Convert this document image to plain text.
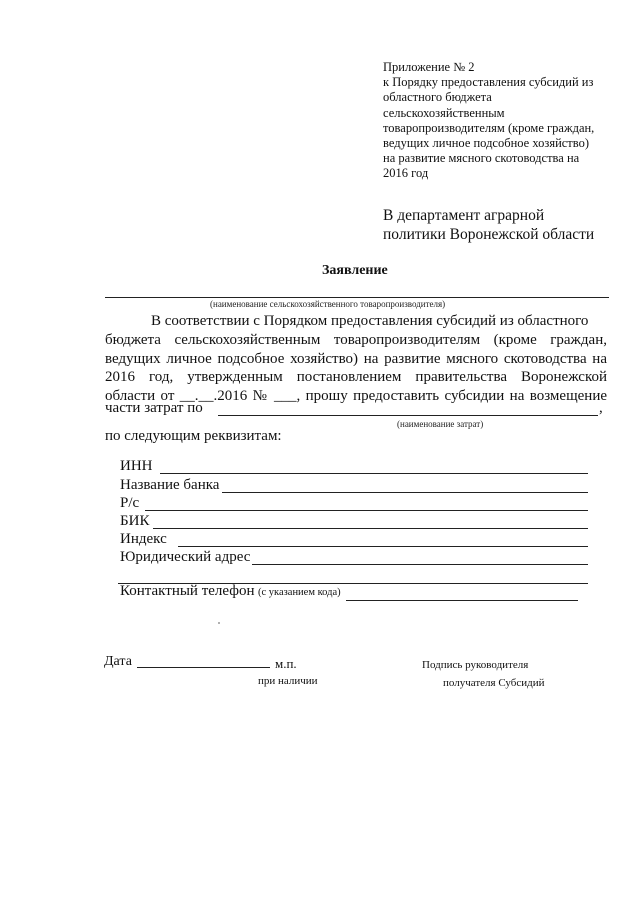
Приложение № 2
к Порядку предоставления субсидий из
областного бюджета
сельскохозяйственным
товаропроизводителям (кроме граждан,
ведущих личное подсобное хозяйство)
на развитие мясного скотоводства на
2016 год
В департамент аграрной
политики Воронежской области
Заявление
(наименование сельскохозяйственного товаропроизводителя)
В соответствии с Порядком предоставления субсидий из областного
бюджета сельскохозяйственным товаропроизводителям (кроме граждан,
ведущих личное подсобное хозяйство) на развитие мясного скотоводства на
2016 год, утвержденным постановлением правительства Воронежской
области от __.__.2016 № ___, прошу предоставить субсидии на возмещение
части затрат по	,
(наименование затрат)
по следующим реквизитам:
ИНН
Название банка
Р/с
БИК
Индекс
Юридический адрес
Контактный телефон (с указанием кода)
Дата	м.п.
при наличии
Подпись руководителя
получателя Субсидий
